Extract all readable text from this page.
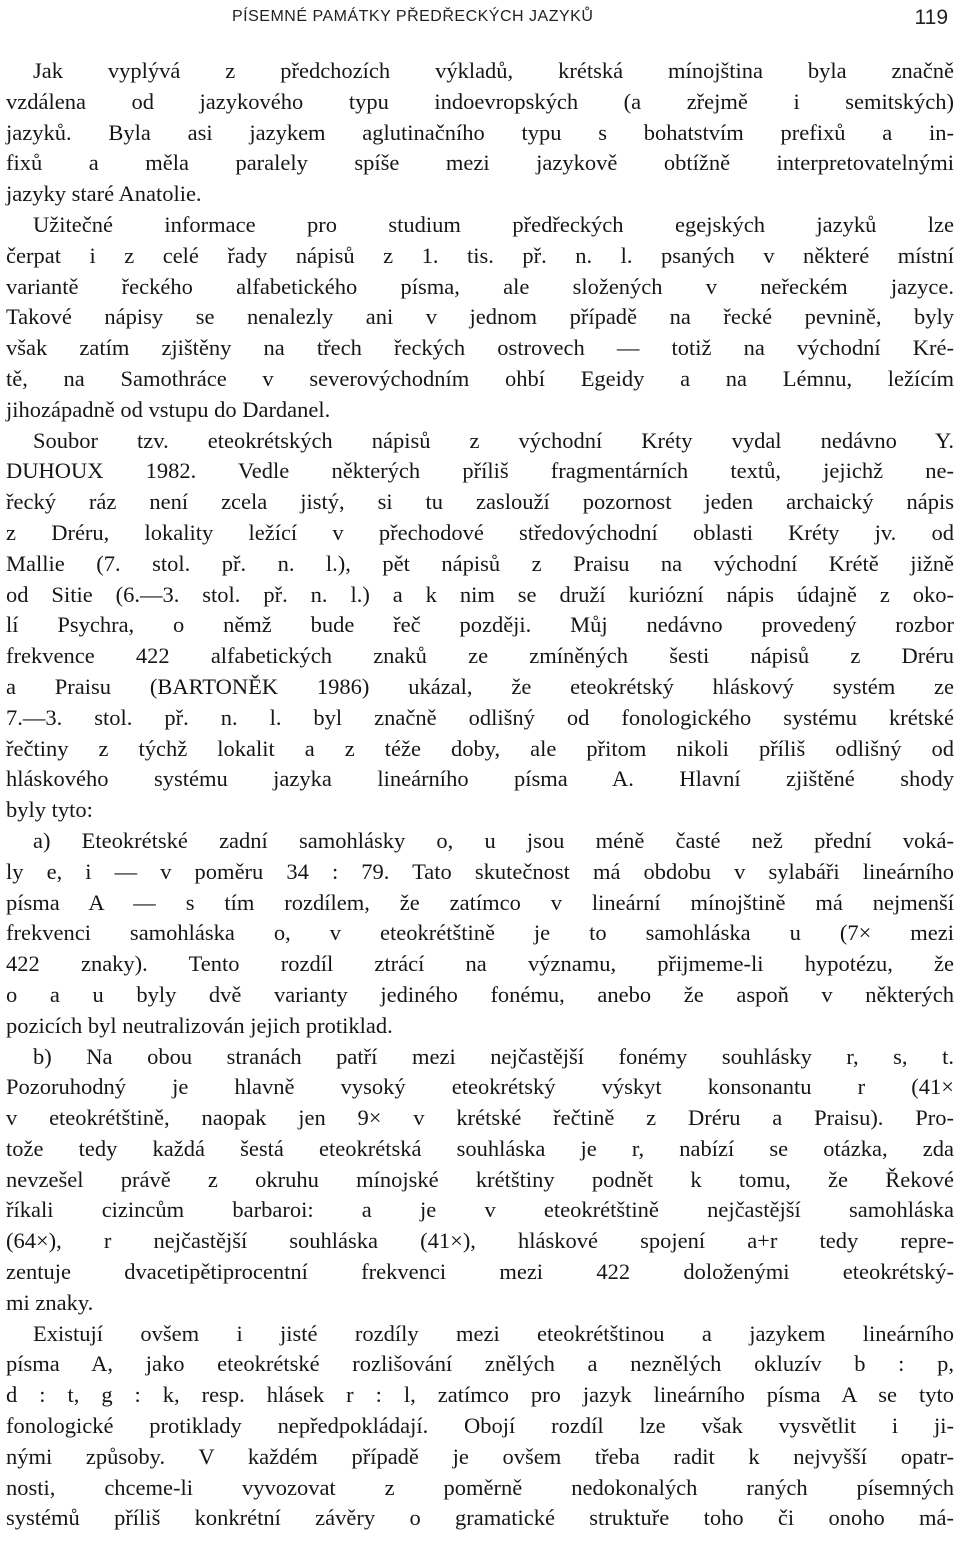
PÍSEMNÉ PAMÁTKY PŘEDŘECKÝCH JAZYKŮ	119
Jak vyplývá z předchozích výkladů, krétská mínojština byla značně
vzdálena od jazykového typu indoevropských (a zřejmě i semitských)
jazyků. Byla asi jazykem aglutinačního typu s bohatstvím prefixů a in-
fixů a měla paralely spíše mezi jazykově obtížně interpretovatelnými
jazyky staré Anatolie.
Užitečné informace pro studium předřeckých egejských jazyků lze
čerpat i z celé řady nápisů z 1. tis. př. n. l. psaných v některé místní
variantě řeckého alfabetického písma, ale složených v neřeckém jazyce.
Takové nápisy se nenalezly ani v jednom případě na řecké pevnině, byly
však zatím zjištěny na třech řeckých ostrovech — totiž na východní Kré-
tě, na Samothráce v severovýchodním ohbí Egeidy a na Lémnu, ležícím
jihozápadně od vstupu do Dardanel.
Soubor tzv. eteokrétských nápisů z východní Kréty vydal nedávno Y.
DUHOUX 1982. Vedle některých příliš fragmentárních textů, jejichž ne-
řecký ráz není zcela jistý, si tu zaslouží pozornost jeden archaický nápis
z Dréru, lokality ležící v přechodové středovýchodní oblasti Kréty jv. od
Mallie (7. stol. př. n. l.), pět nápisů z Praisu na východní Krétě jižně
od Sitie (6.—3. stol. př. n. l.) a k nim se druží kuriózní nápis údajně z oko-
lí Psychra, o němž bude řeč později. Můj nedávno provedený rozbor
frekvence 422 alfabetických znaků ze zmíněných šesti nápisů z Dréru
a Praisu (BARTONĚK 1986) ukázal, že eteokrétský hláskový systém ze
7.—3. stol. př. n. l. byl značně odlišný od fonologického systému krétské
řečtiny z týchž lokalit a z téže doby, ale přitom nikoli příliš odlišný od
hláskového systému jazyka lineárního písma A. Hlavní zjištěné shody
byly tyto:
a) Eteokrétské zadní samohlásky o, u jsou méně časté než přední voká-
ly e, i — v poměru 34 : 79. Tato skutečnost má obdobu v sylabáři lineárního
písma A — s tím rozdílem, že zatímco v lineární mínojštině má nejmenší
frekvenci samohláska o, v eteokrétštině je to samohláska u (7× mezi
422 znaky). Tento rozdíl ztrácí na významu, přijmeme-li hypotézu, že
o a u byly dvě varianty jediného fonému, anebo že aspoň v některých
pozicích byl neutralizován jejich protiklad.
b) Na obou stranách patří mezi nejčastější fonémy souhlásky r, s, t.
Pozoruhodný je hlavně vysoký eteokrétský výskyt konsonantu r (41×
v eteokrétštině, naopak jen 9× v krétské řečtině z Dréru a Praisu). Pro-
tože tedy každá šestá eteokrétská souhláska je r, nabízí se otázka, zda
nevzešel právě z okruhu mínojské krétštiny podnět k tomu, že Řekové
říkali cizincům barbaroi: a je v eteokrétštině nejčastější samohláska
(64×), r nejčastější souhláska (41×), hláskové spojení a+r tedy repre-
zentuje dvacetipětiprocentní frekvenci mezi 422 doloženými eteokrétský-
mi znaky.
Existují ovšem i jisté rozdíly mezi eteokrétštinou a jazykem lineárního
písma A, jako eteokrétské rozlišování znělých a neznělých okluzív b : p,
d : t, g : k, resp. hlásek r : l, zatímco pro jazyk lineárního písma A se tyto
fonologické protiklady nepředpokládají. Obojí rozdíl lze však vysvětlit i ji-
nými způsoby. V každém případě je ovšem třeba radit k nejvyšší opatr-
nosti, chceme-li vyvozovat z poměrně nedokonalých raných písemných
systémů příliš konkrétní závěry o gramatické struktuře toho či onoho má-
